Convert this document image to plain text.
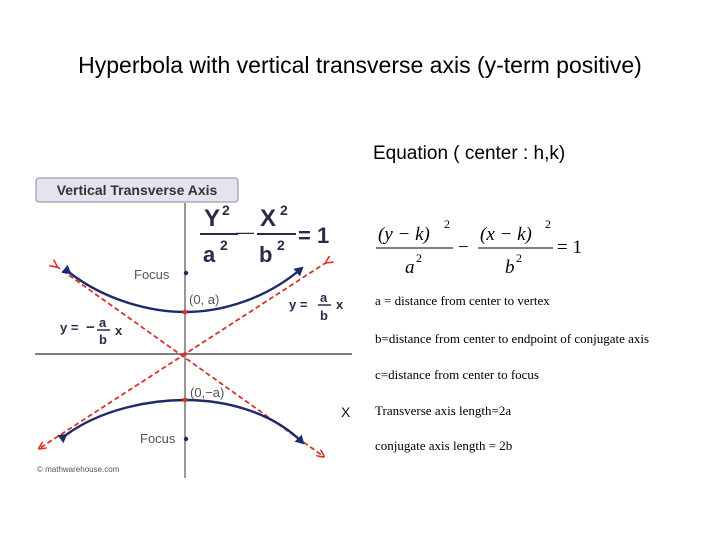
Hyperbola with vertical transverse axis (y-term positive)
Equation ( center : h,k)
Vertical Transverse Axis
X
Focus
Focus
(0, a)
(0,−a)
Y 2
a 2
— X 2
b 2 = 1
y = − a
b
x
y = a
b
x
© mathwarehouse.com
(y − k) 2
a 2 −
(x − k) 2
b 2 = 1
a = distance from center to vertex
b=distance from center to endpoint of conjugate axis
c=distance from center to focus
Transverse axis length=2a
conjugate axis length = 2b
